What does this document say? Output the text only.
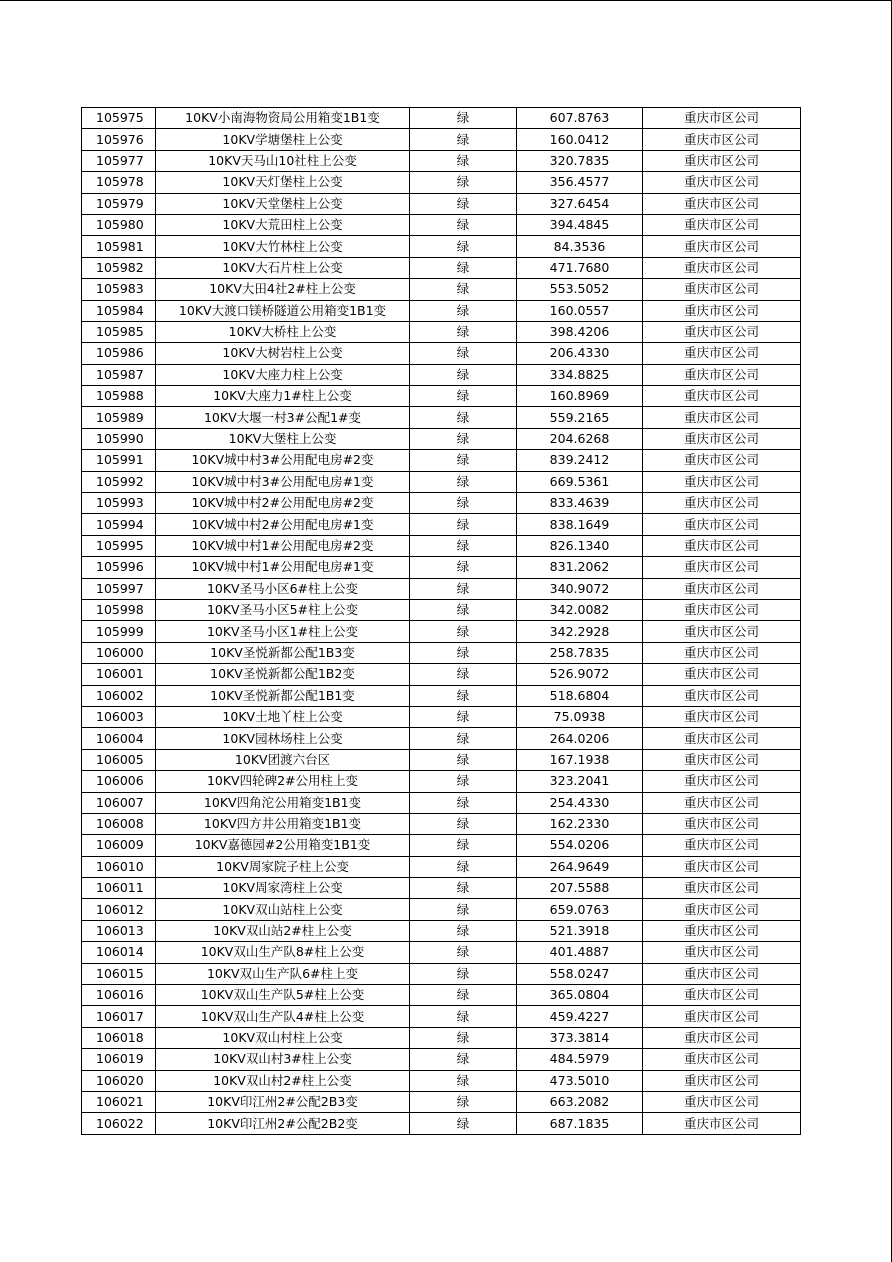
105975	10KV小南海物资局公用箱变1B1变	绿	607.8763	重庆市区公司
105976	10KV学塘堡柱上公变	绿	160.0412	重庆市区公司
105977	10KV天马山10社柱上公变	绿	320.7835	重庆市区公司
105978	10KV天灯堡柱上公变	绿	356.4577	重庆市区公司
105979	10KV天堂堡柱上公变	绿	327.6454	重庆市区公司
105980	10KV大荒田柱上公变	绿	394.4845	重庆市区公司
105981	10KV大竹林柱上公变	绿	84.3536	重庆市区公司
105982	10KV大石片柱上公变	绿	471.7680	重庆市区公司
105983	10KV大田4社2#柱上公变	绿	553.5052	重庆市区公司
105984	10KV大渡口镁桥隧道公用箱变1B1变	绿	160.0557	重庆市区公司
105985	10KV大桥柱上公变	绿	398.4206	重庆市区公司
105986	10KV大树岩柱上公变	绿	206.4330	重庆市区公司
105987	10KV大座力柱上公变	绿	334.8825	重庆市区公司
105988	10KV大座力1#柱上公变	绿	160.8969	重庆市区公司
105989	10KV大堰一村3#公配1#变	绿	559.2165	重庆市区公司
105990	10KV大堡柱上公变	绿	204.6268	重庆市区公司
105991	10KV城中村3#公用配电房#2变	绿	839.2412	重庆市区公司
105992	10KV城中村3#公用配电房#1变	绿	669.5361	重庆市区公司
105993	10KV城中村2#公用配电房#2变	绿	833.4639	重庆市区公司
105994	10KV城中村2#公用配电房#1变	绿	838.1649	重庆市区公司
105995	10KV城中村1#公用配电房#2变	绿	826.1340	重庆市区公司
105996	10KV城中村1#公用配电房#1变	绿	831.2062	重庆市区公司
105997	10KV圣马小区6#柱上公变	绿	340.9072	重庆市区公司
105998	10KV圣马小区5#柱上公变	绿	342.0082	重庆市区公司
105999	10KV圣马小区1#柱上公变	绿	342.2928	重庆市区公司
106000	10KV圣悦新都公配1B3变	绿	258.7835	重庆市区公司
106001	10KV圣悦新都公配1B2变	绿	526.9072	重庆市区公司
106002	10KV圣悦新都公配1B1变	绿	518.6804	重庆市区公司
106003	10KV土地丫柱上公变	绿	75.0938	重庆市区公司
106004	10KV园林场柱上公变	绿	264.0206	重庆市区公司
106005	10KV团渡六台区	绿	167.1938	重庆市区公司
106006	10KV四轮碑2#公用柱上变	绿	323.2041	重庆市区公司
106007	10KV四角沱公用箱变1B1变	绿	254.4330	重庆市区公司
106008	10KV四方井公用箱变1B1变	绿	162.2330	重庆市区公司
106009	10KV嘉德园#2公用箱变1B1变	绿	554.0206	重庆市区公司
106010	10KV周家院子柱上公变	绿	264.9649	重庆市区公司
106011	10KV周家湾柱上公变	绿	207.5588	重庆市区公司
106012	10KV双山站柱上公变	绿	659.0763	重庆市区公司
106013	10KV双山站2#柱上公变	绿	521.3918	重庆市区公司
106014	10KV双山生产队8#柱上公变	绿	401.4887	重庆市区公司
106015	10KV双山生产队6#柱上变	绿	558.0247	重庆市区公司
106016	10KV双山生产队5#柱上公变	绿	365.0804	重庆市区公司
106017	10KV双山生产队4#柱上公变	绿	459.4227	重庆市区公司
106018	10KV双山村柱上公变	绿	373.3814	重庆市区公司
106019	10KV双山村3#柱上公变	绿	484.5979	重庆市区公司
106020	10KV双山村2#柱上公变	绿	473.5010	重庆市区公司
106021	10KV印江州2#公配2B3变	绿	663.2082	重庆市区公司
106022	10KV印江州2#公配2B2变	绿	687.1835	重庆市区公司
